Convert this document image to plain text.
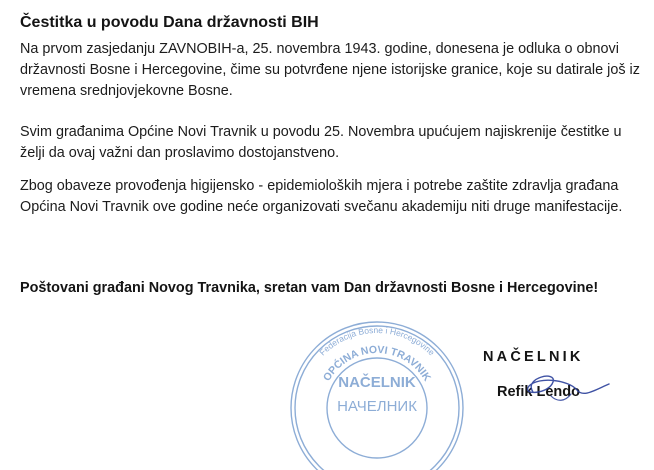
Čestitka u povodu Dana državnosti BIH

Na prvom zasjedanju ZAVNOBIH-a, 25. novembra 1943. godine, donesena je odluka o obnovi državnosti Bosne i Hercegovine, čime su potvrđene njene istorijske granice, koje su datirale još iz vremena srednjovjekovne Bosne.

Svim građanima Općine Novi Travnik u povodu 25. Novembra upućujem najiskrenije čestitke u želji da ovaj važni dan proslavimo dostojanstveno.

Zbog obaveze provođenja higijensko - epidemioloških mjera i potrebe zaštite zdravlja građana Općina Novi Travnik ove godine neće organizovati svečanu akademiju niti druge manifestacije.

Poštovani građani Novog Travnika, sretan vam Dan državnosti Bosne i Hercegovine!
Federacija Bosne i Hercegovine
OPĆINA NOVI TRAVNIK
NAČELNIK
НАЧЕЛНИК
NAČELNIK
Refik Lendo
